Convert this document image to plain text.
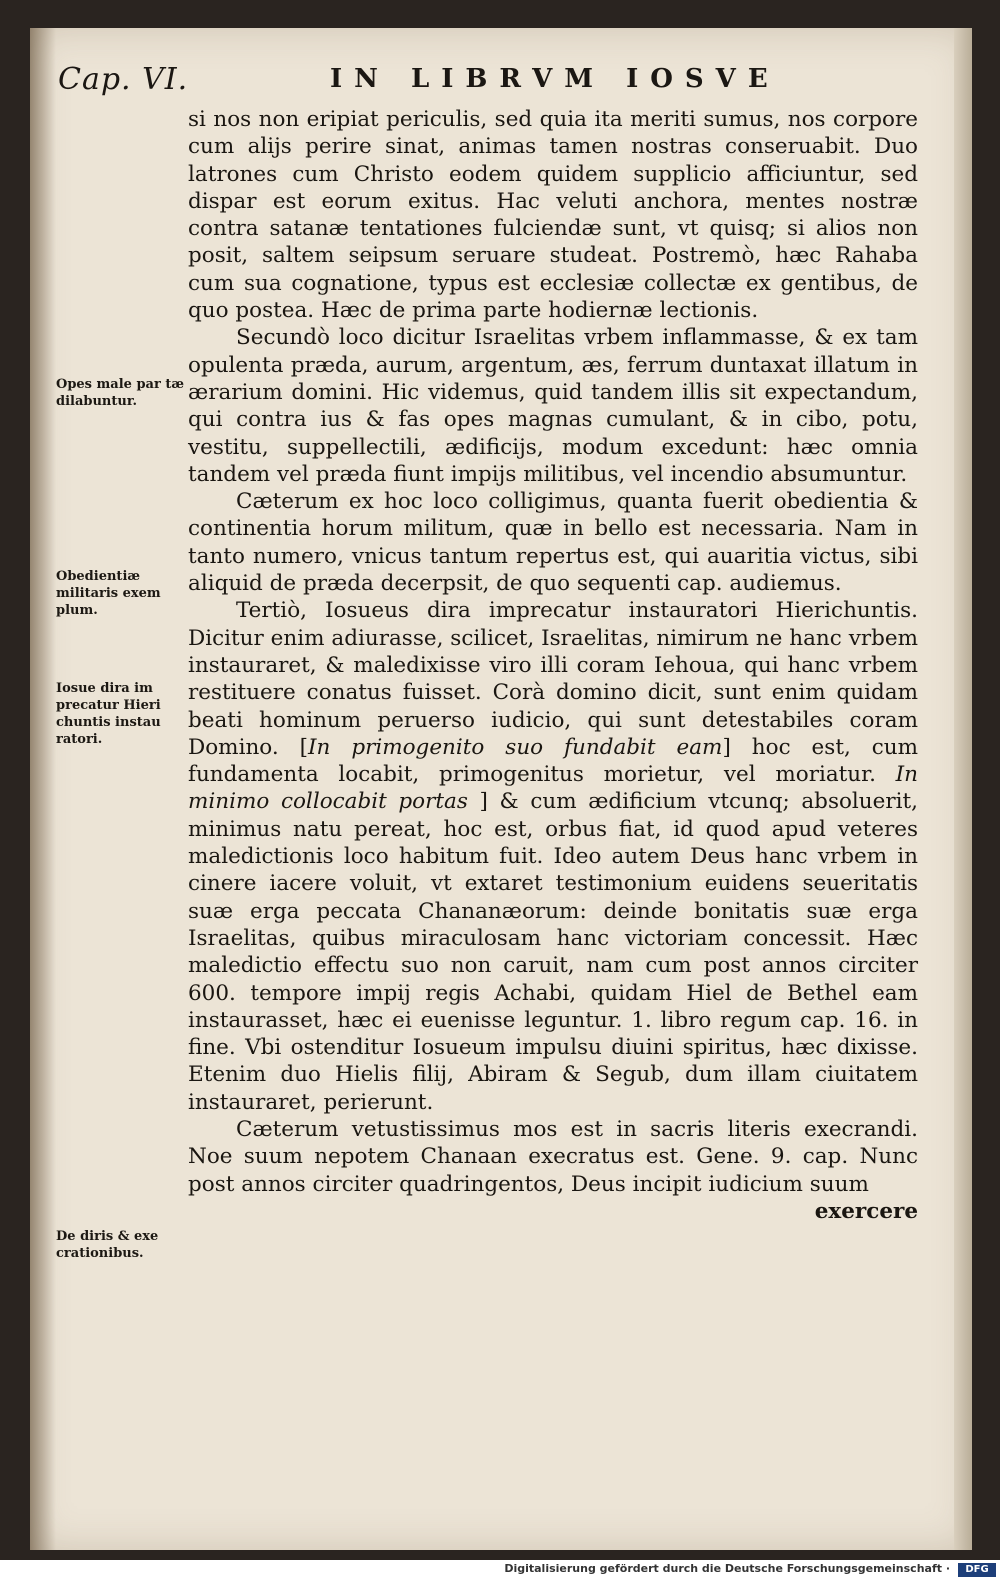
Cap. VI.	IN LIBRVM IOSVE
Opes male par tæ dilabuntur.
Obedientiæ militaris exem plum.
Iosue dira im precatur Hieri chuntis instau ratori.
De diris & exe crationibus.

si nos non eripiat periculis, sed quia ita meriti sumus, nos corpore cum alijs perire sinat, animas tamen nostras conseruabit. Duo latrones cum Christo eodem quidem supplicio afficiuntur, sed dispar est eorum exitus. Hac veluti anchora, mentes nostræ contra satanæ tentationes fulciendæ sunt, vt quisq; si alios non posit, saltem seipsum seruare studeat. Postremò, hæc Rahaba cum sua cognatione, typus est ecclesiæ collectæ ex gentibus, de quo postea. Hæc de prima parte hodiernæ lectionis.

Secundò loco dicitur Israelitas vrbem inflammasse, & ex tam opulenta præda, aurum, argentum, æs, ferrum duntaxat illatum in ærarium domini. Hic videmus, quid tandem illis sit expectandum, qui contra ius & fas opes magnas cumulant, & in cibo, potu, vestitu, suppellectili, ædificijs, modum excedunt: hæc omnia tandem vel præda fiunt impijs militibus, vel incendio absumuntur.

Cæterum ex hoc loco colligimus, quanta fuerit obedientia & continentia horum militum, quæ in bello est necessaria. Nam in tanto numero, vnicus tantum repertus est, qui auaritia victus, sibi aliquid de præda decerpsit, de quo sequenti cap. audiemus.

Tertiò, Iosueus dira imprecatur instauratori Hierichuntis. Dicitur enim adiurasse, scilicet, Israelitas, nimirum ne hanc vrbem instauraret, & maledixisse viro illi coram Iehoua, qui hanc vrbem restituere conatus fuisset. Corà domino dicit, sunt enim quidam beati hominum peruerso iudicio, qui sunt detestabiles coram Domino. [In primogenito suo fundabit eam] hoc est, cum fundamenta locabit, primogenitus morietur, vel moriatur. In minimo collocabit portas ] & cum ædificium vtcunq; absoluerit, minimus natu pereat, hoc est, orbus fiat, id quod apud veteres maledictionis loco habitum fuit. Ideo autem Deus hanc vrbem in cinere iacere voluit, vt extaret testimonium euidens seueritatis suæ erga peccata Chananæorum: deinde bonitatis suæ erga Israelitas, quibus miraculosam hanc victoriam concessit. Hæc maledictio effectu suo non caruit, nam cum post annos circiter 600. tempore impij regis Achabi, quidam Hiel de Bethel eam instaurasset, hæc ei euenisse leguntur. 1. libro regum cap. 16. in fine. Vbi ostenditur Iosueum impulsu diuini spiritus, hæc dixisse. Etenim duo Hielis filij, Abiram & Segub, dum illam ciuitatem instauraret, perierunt.

Cæterum vetustissimus mos est in sacris literis execrandi. Noe suum nepotem Chanaan execratus est. Gene. 9. cap. Nunc post annos circiter quadringentos, Deus incipit iudicium suum

exercere

Digitalisierung gefördert durch die Deutsche Forschungsgemeinschaft ·	DFG
